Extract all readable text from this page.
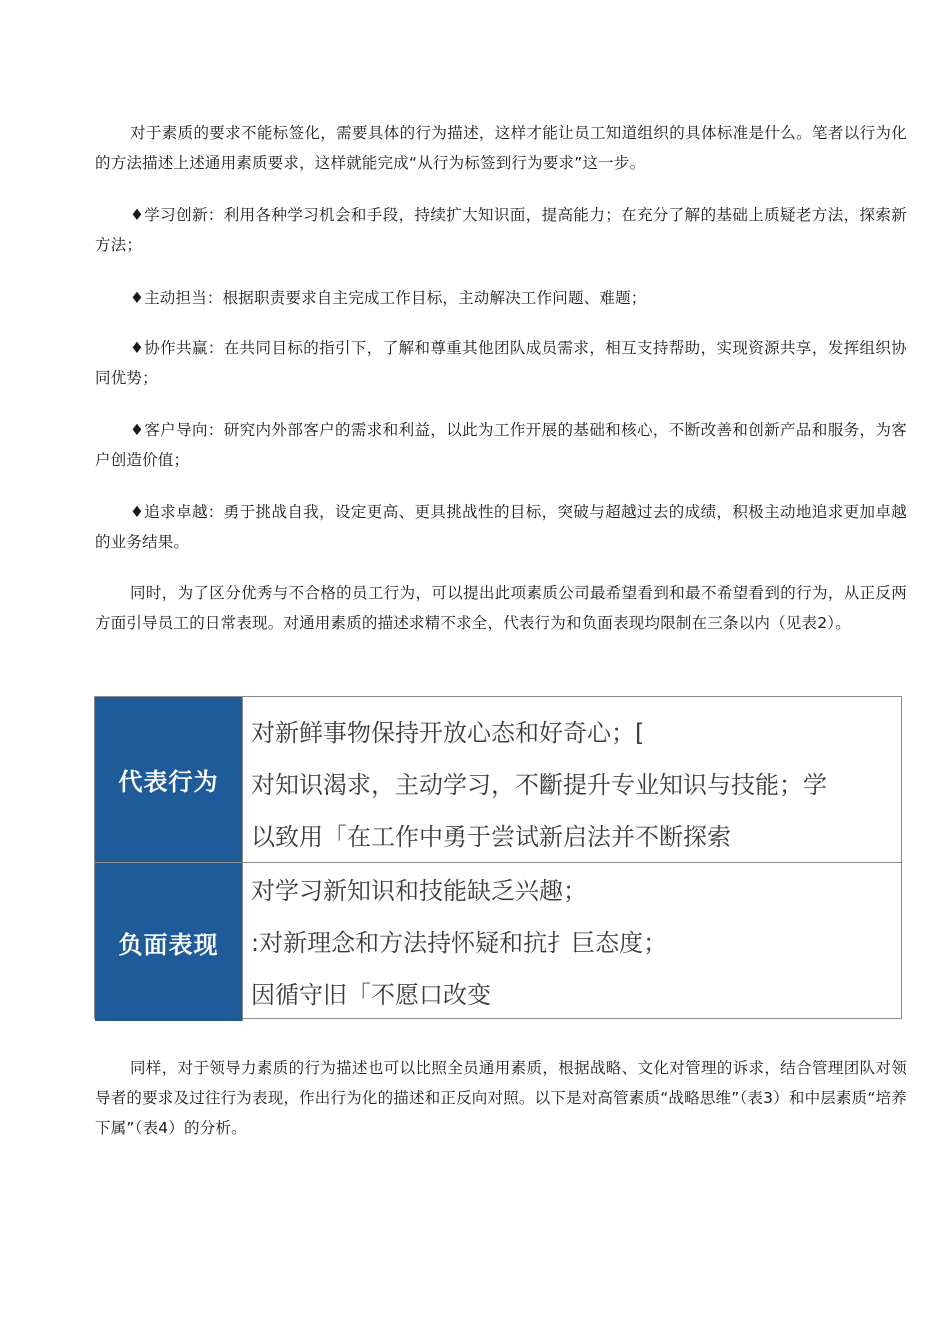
对于素质的要求不能标签化，需要具体的行为描述，这样才能让员工知道组织的具体标准是什么。笔者以行为化的方法描述上述通用素质要求，这样就能完成“从行为标签到行为要求”这一步。

♦学习创新：利用各种学习机会和手段，持续扩大知识面，提高能力；在充分了解的基础上质疑老方法，探索新方法；

♦主动担当：根据职责要求自主完成工作目标，主动解决工作问题、难题；

♦协作共赢：在共同目标的指引下，了解和尊重其他团队成员需求，相互支持帮助，实现资源共享，发挥组织协同优势；

♦客户导向：研究内外部客户的需求和利益，以此为工作开展的基础和核心，不断改善和创新产品和服务，为客户创造价值；

♦追求卓越：勇于挑战自我，设定更高、更具挑战性的目标，突破与超越过去的成绩，积极主动地追求更加卓越的业务结果。

同时，为了区分优秀与不合格的员工行为，可以提出此项素质公司最希望看到和最不希望看到的行为，从正反两方面引导员工的日常表现。对通用素质的描述求精不求全，代表行为和负面表现均限制在三条以内（见表2）。

代表行为
对新鲜事物保持开放心态和好奇心；[
对知识渴求，主动学习，不斷提升专业知识与技能；学
以致用「在工作中勇于尝试新启法并不断探索
负面表现
对学习新知识和技能缺乏兴趣；
:对新理念和方法持怀疑和抗扌巨态度；
因循守旧「不愿口改变

同样，对于领导力素质的行为描述也可以比照全员通用素质，根据战略、文化对管理的诉求，结合管理团队对领导者的要求及过往行为表现，作出行为化的描述和正反向对照。以下是对高管素质“战略思维”（表3）和中层素质“培养下属”（表4）的分析。
